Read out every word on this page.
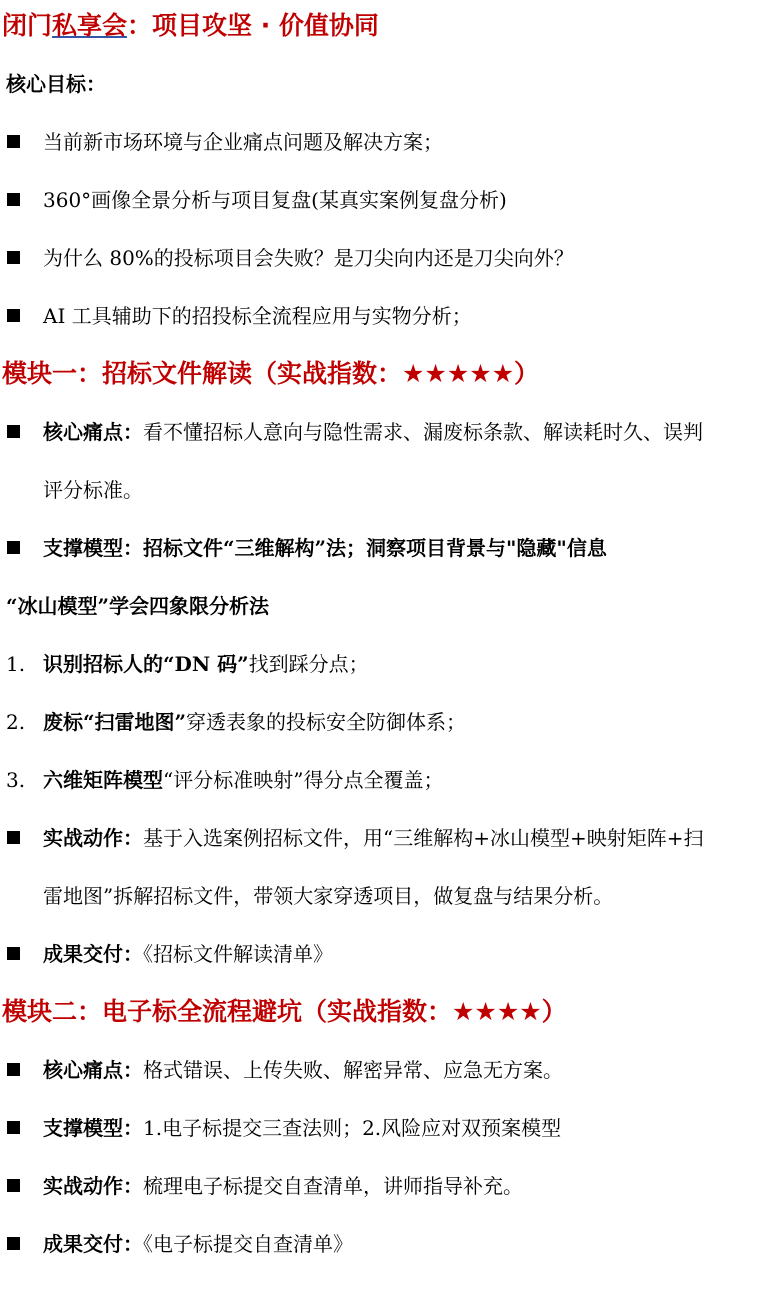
闭门私享会：项目攻坚 · 价值协同
核心目标：
当前新市场环境与企业痛点问题及解决方案；
360°画像全景分析与项目复盘(某真实案例复盘分析)
为什么 80%的投标项目会失败？是刀尖向内还是刀尖向外？
AI 工具辅助下的招投标全流程应用与实物分析；
模块一：招标文件解读（实战指数：★★★★★）
核心痛点：看不懂招标人意向与隐性需求、漏废标条款、解读耗时久、误判
评分标准。
支撑模型：招标文件“三维解构”法；洞察项目背景与"隐藏"信息
“冰山模型”学会四象限分析法
1. 识别招标人的“DN 码”找到踩分点；
2. 废标“扫雷地图”穿透表象的投标安全防御体系；
3. 六维矩阵模型“评分标准映射”得分点全覆盖；
实战动作：基于入选案例招标文件，用“三维解构+冰山模型+映射矩阵+扫
雷地图”拆解招标文件，带领大家穿透项目，做复盘与结果分析。
成果交付：《招标文件解读清单》
模块二：电子标全流程避坑（实战指数：★★★★）
核心痛点：格式错误、上传失败、解密异常、应急无方案。
支撑模型：1.电子标提交三查法则；2.风险应对双预案模型
实战动作：梳理电子标提交自查清单，讲师指导补充。
成果交付：《电子标提交自查清单》
